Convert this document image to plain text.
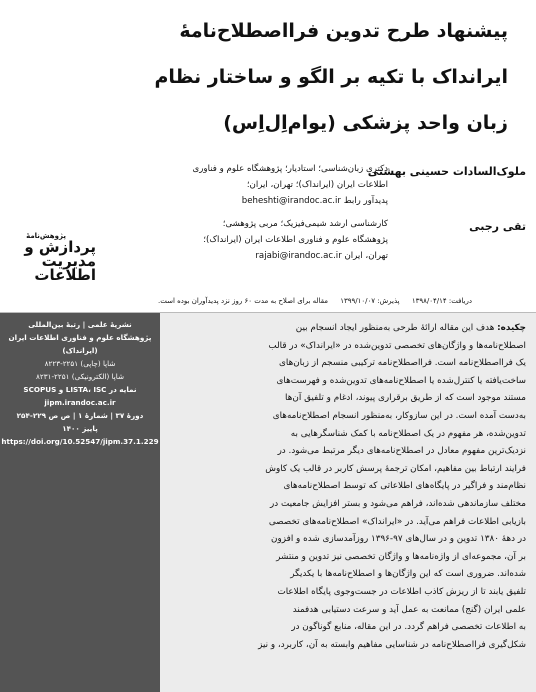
پیشنهاد طرح تدوین فرااصطلاح‌نامهٔ
ایرانداک با تکیه بر الگو و ساختار نظام
زبان واحد پزشکی (یوام‌اِل‌اِس)
ملوک‌السادات حسینی بهشتی
دکتری زبان‌شناسی؛ استادیار؛ پژوهشگاه علوم و فناوری
اطلاعات ایران (ایرانداک)؛ تهران، ایران؛
پدیدآور رابط beheshti@irandoc.ac.ir
تقی رجبی
کارشناسی ارشد شیمی‌فیزیک؛ مربی پژوهشی؛
پژوهشگاه علوم و فناوری اطلاعات ایران (ایرانداک)؛
تهران، ایران rajabi@irandoc.ac.ir
پژوهش‌نامهٔ
پردازش و
مدیریت
اطلاعات
دریافت: ۱۳۹۸/۰۴/۱۴ پذیرش: ۱۳۹۹/۱۰/۰۷ مقاله برای اصلاح به مدت ۶۰ روز نزد پدیدآوران بوده است.
نشریهٔ علمی | رتبهٔ بین‌المللی
پژوهشگاه علوم و فناوری اطلاعات ایران
(ایرانداک)
شاپا (چاپی) ۲۲۵۱-۸۲۲۳
شاپا (الکترونیکی) ۲۲۵۱-۸۲۳۱
نمایه در LISTA، ISC و SCOPUS
jipm.irandoc.ac.ir
دورهٔ ۳۷ | شمارهٔ ۱ | ص ص ۲۲۹-۲۵۴
پاییز ۱۴۰۰
https://doi.org/10.52547/jipm.37.1.229
چکیده: هدف این مقاله ارائهٔ طرحی به‌منظور ایجاد انسجام بین
اصطلاح‌نامه‌ها و واژگان‌های تخصصی تدوین‌شده در «ایرانداک» در قالب
یک فرااصطلاح‌نامه است. فرااصطلاح‌نامه ترکیبی منسجم از زبان‌های
ساخت‌یافته یا کنترل‌شده یا اصطلاح‌نامه‌های تدوین‌شده و فهرست‌های
مستند موجود است که از طریق برقراری پیوند، ادغام و تلفیق آن‌ها
به‌دست آمده است. در این سازوکار، به‌منظور انسجام اصطلاح‌نامه‌های
تدوین‌شده، هر مفهوم در یک اصطلاح‌نامه با کمک شناسگرهایی به
نزدیک‌ترین مفهوم معادل در اصطلاح‌نامه‌های دیگر مرتبط می‌شود. در
فرایند ارتباط بین مفاهیم، امکان ترجمهٔ پرسش کاربر در قالب یک کاوش
نظام‌مند و فراگیر در پایگاه‌های اطلاعاتی که توسط اصطلاح‌نامه‌های
مختلف سازماندهی شده‌اند، فراهم می‌شود و بستر افزایش جامعیت در
بازیابی اطلاعات فراهم می‌آید. در «ایرانداک» اصطلاح‌نامه‌های تخصصی
در دههٔ ۱۳۸۰ تدوین و در سال‌های ۹۷-۱۳۹۶ روزآمدسازی شده و افزون
بر آن، مجموعه‌ای از واژه‌نامه‌ها و واژگان تخصصی نیز تدوین و منتشر
شده‌اند. ضروری است که این واژگان‌ها و اصطلاح‌نامه‌ها با یکدیگر
تلفیق یابند تا از ریزش کاذب اطلاعات در جست‌وجوی پایگاه اطلاعات
علمی ایران (گنج) ممانعت به عمل آید و سرعت دستیابی هدفمند
به اطلاعات تخصصی فراهم گردد. در این مقاله، منابع گوناگون در
شکل‌گیری فرااصطلاح‌نامه در شناسایی مفاهیم وابسته به آن، کاربرد، و نیز
